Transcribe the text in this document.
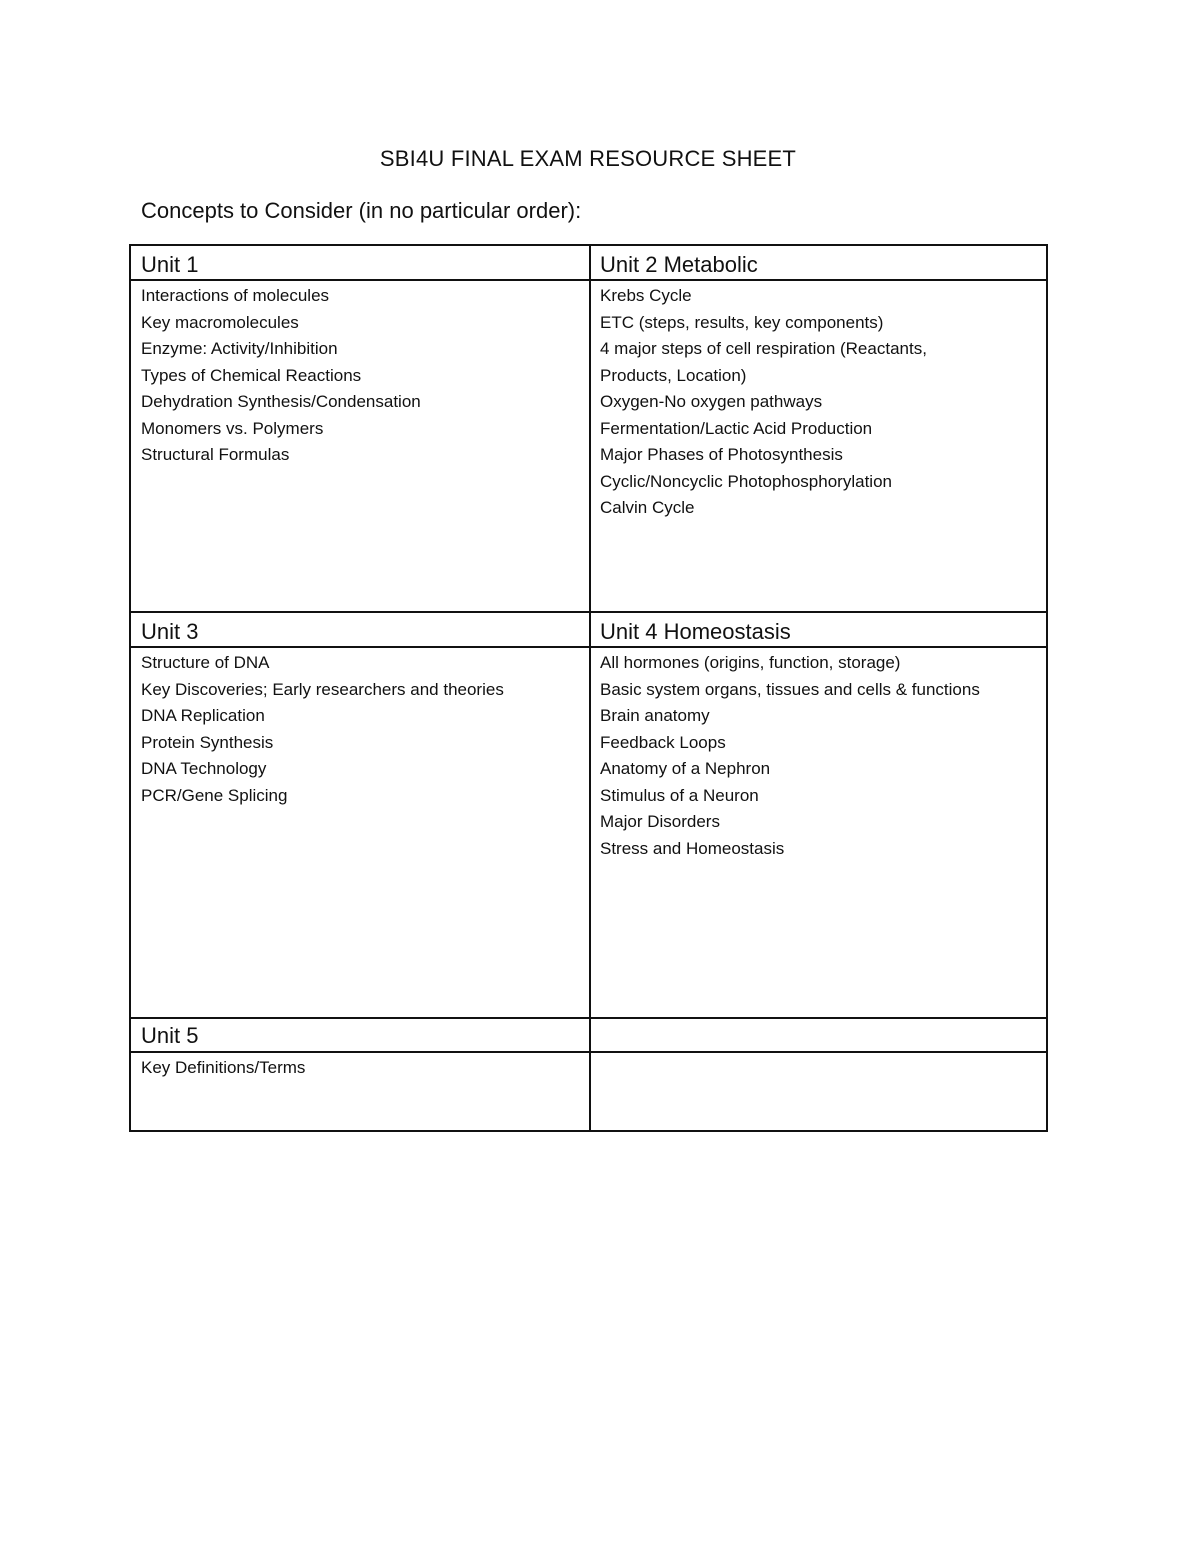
SBI4U FINAL EXAM RESOURCE SHEET
Concepts to Consider (in no particular order):
Unit 1
Interactions of molecules
Key macromolecules
Enzyme: Activity/Inhibition
Types of Chemical Reactions
Dehydration Synthesis/Condensation
Monomers vs. Polymers
Structural Formulas
Unit 2 Metabolic
Krebs Cycle
ETC (steps, results, key components)
4 major steps of cell respiration (Reactants,
Products, Location)
Oxygen-No oxygen pathways
Fermentation/Lactic Acid Production
Major Phases of Photosynthesis
Cyclic/Noncyclic Photophosphorylation
Calvin Cycle
Unit 3
Structure of DNA
Key Discoveries; Early researchers and theories
DNA Replication
Protein Synthesis
DNA Technology
PCR/Gene Splicing
Unit 4 Homeostasis
All hormones (origins, function, storage)
Basic system organs, tissues and cells & functions
Brain anatomy
Feedback Loops
Anatomy of a Nephron
Stimulus of a Neuron
Major Disorders
Stress and Homeostasis
Unit 5
Key Definitions/Terms
